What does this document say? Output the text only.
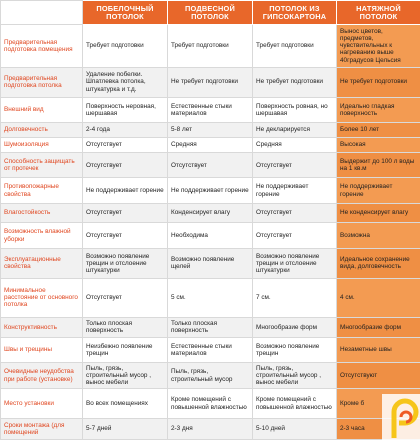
	ПОБЕЛОЧНЫЙ ПОТОЛОК	ПОДВЕСНОЙ ПОТОЛОК	ПОТОЛОК ИЗ ГИПСОКАРТОНА	НАТЯЖНОЙ ПОТОЛОК
Предварительная подготовка помещения	Требует подготовки	Требует подготовки	Требует подготовки	Вынос цветов, предметов, чувствительных к нагреванию выше 40градусов Цельсия
Предварительная подготовка потолка	Удаление побелки. Шпатлевка потолка, штукатурка и т.д.	Не требует подготовки	Не требует подготовки	Не требует подготовки
Внешний вид	Поверхность неровная, шершавая	Естественные стыки материалов	Поверхность ровная, но шершавая	Идеально гладкая поверхность
Долговечность	2-4 года	5-8 лет	Не декларируется	Более 10 лет
Шумоизоляция	Отсутствует	Средняя	Средняя	Высокая
Способность защищать от протечек	Отсутствует	Отсутствует	Отсутствует	Выдержит до 100 л воды на 1 кв.м
Противопожарные свойства	Не поддерживает горение	Не поддерживает горение	Не поддерживает горение	Не поддерживает горение
Влагостойкость	Отсутствует	Конденсирует влагу	Отсутствует	Не конденсирует влагу
Возможность влажной уборки	Отсутствует	Необходима	Отсутствует	Возможна
Эксплуатационные свойства	Возможно появление трещин и отслоение штукатурки	Возможно появление щелей	Возможно появление трещин и отслоение штукатурки	Идеальное сохранение вида, долговечность
Минимальное расстояние от основного потолка	Отсутствует	5 см.	7 см.	4 см.
Конструктивность	Только плоская поверхность	Только плоская поверхность	Многообразие форм	Многообразие форм
Швы и трещины	Неизбежно появление трещин	Естественные стыки материалов	Возможно появление трещин	Незаметные швы
Очевидные неудобства при работе (установке)	Пыль, грязь, строительный мусор , вынос мебели	Пыль, грязь, строительный мусор	Пыль, грязь, строительный мусор , вынос мебели	Отсутствуют
Место установки	Во всех помещениях	Кроме помещений с повышенной влажностью	Кроме помещений с повышенной влажностью	Кроме б
Сроки монтажа (для помещений	5-7 дней	2-3 дня	5-10 дней	2-3 часа
